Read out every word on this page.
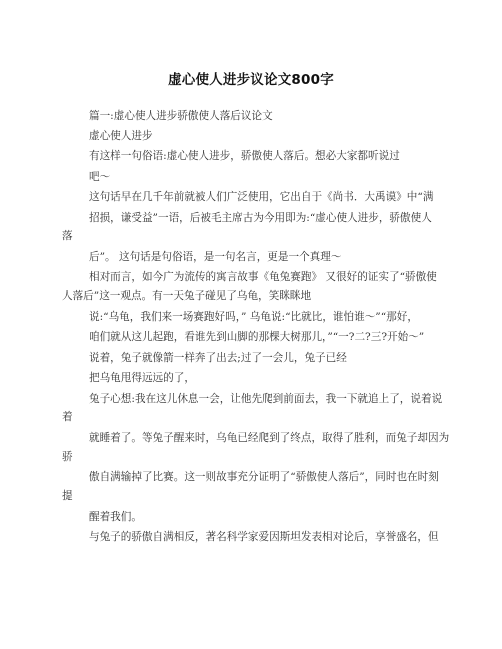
虚心使人进步议论文800字
篇一:虚心使人进步骄傲使人落后议论文
虚心使人进步
有这样一句俗语:虚心使人进步，骄傲使人落后。想必大家都听说过
吧～
这句话早在几千年前就被人们广泛使用，它出自于《尚书．大禹谟》中“满
招损，谦受益”一语，后被毛主席古为今用即为:“虚心使人进步，骄傲使人
落
后”。 这句话是句俗语，是一句名言，更是一个真理～
相对而言，如今广为流传的寓言故事《龟兔赛跑》 又很好的证实了“骄傲使
人落后”这一观点。有一天兔子碰见了乌龟，笑眯眯地
说:“乌龟，我们来一场赛跑好吗，” 乌龟说:“比就比，谁怕谁～”“那好，
咱们就从这儿起跑，看谁先到山脚的那棵大树那儿，”“一?二?三?开始～”
说着，兔子就像箭一样奔了出去;过了一会儿，兔子已经
把乌龟甩得远远的了，
兔子心想:我在这儿休息一会，让他先爬到前面去，我一下就追上了，说着说
着
就睡着了。等兔子醒来时，乌龟已经爬到了终点，取得了胜利，而兔子却因为
骄
傲自满输掉了比赛。这一则故事充分证明了“骄傲使人落后”，同时也在时刻
提
醒着我们。
与兔子的骄傲自满相反，著名科学家爱因斯坦发表相对论后，享誉盛名，但
